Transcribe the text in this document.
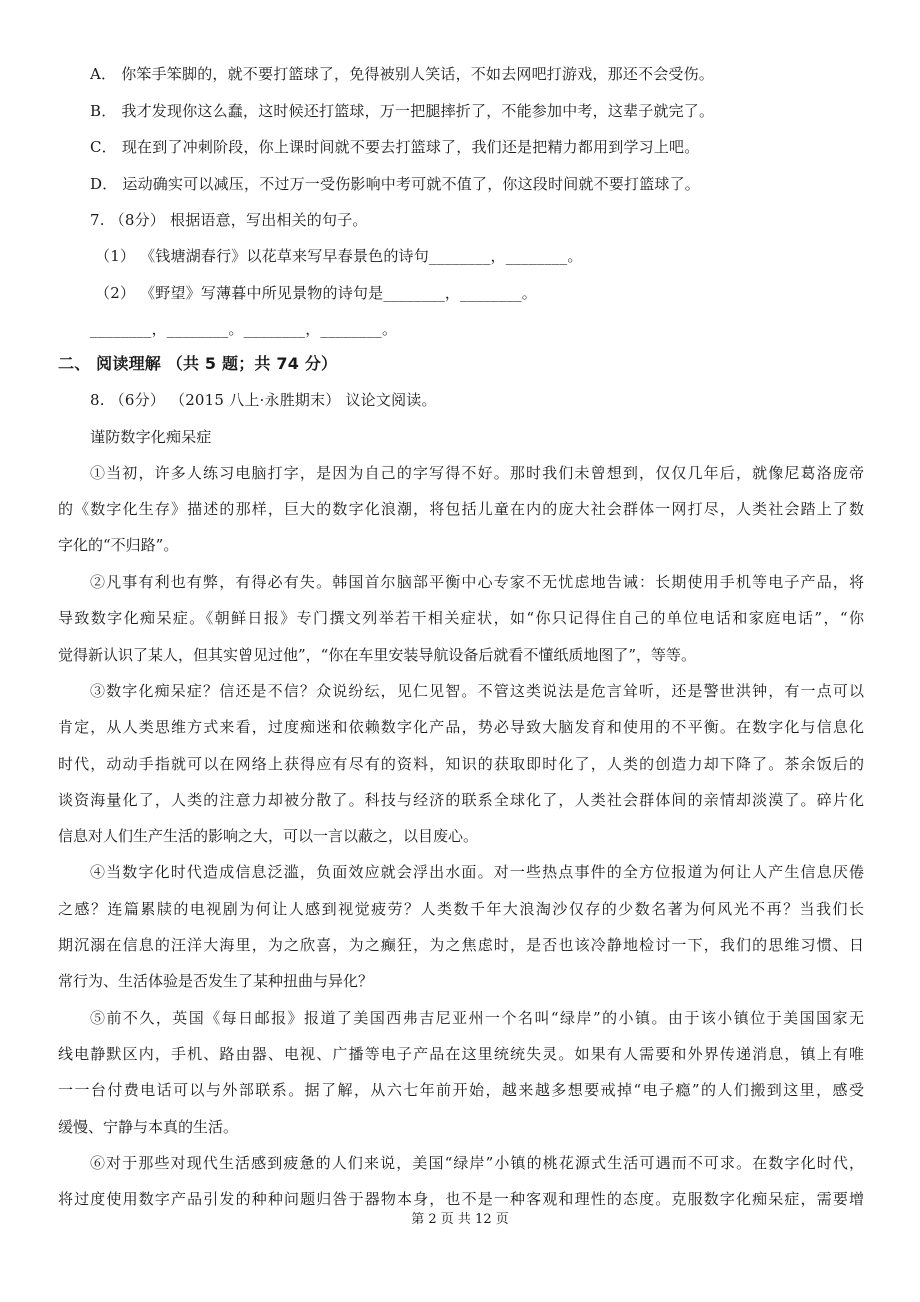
A． 你笨手笨脚的，就不要打篮球了，免得被别人笑话，不如去网吧打游戏，那还不会受伤。
B． 我才发现你这么蠢，这时候还打篮球，万一把腿摔折了，不能参加中考，这辈子就完了。
C． 现在到了冲刺阶段，你上课时间就不要去打篮球了，我们还是把精力都用到学习上吧。
D． 运动确实可以减压，不过万一受伤影响中考可就不值了，你这段时间就不要打篮球了。
7. （8分） 根据语意，写出相关的句子。
（1） 《钱塘湖春行》以花草来写早春景色的诗句________，________。
（2） 《野望》写薄暮中所见景物的诗句是________，________。
________，________。________，________。
二、 阅读理解 （共 5 题；共 74 分）
8. （6分） （2015 八上·永胜期末） 议论文阅读。
谨防数字化痴呆症
①当初，许多人练习电脑打字，是因为自己的字写得不好。那时我们未曾想到，仅仅几年后，就像尼葛洛庞帝
的《数字化生存》描述的那样，巨大的数字化浪潮，将包括儿童在内的庞大社会群体一网打尽，人类社会踏上了数
字化的“不归路”。
②凡事有利也有弊，有得必有失。韩国首尔脑部平衡中心专家不无忧虑地告诫：长期使用手机等电子产品，将
导致数字化痴呆症。《朝鲜日报》专门撰文列举若干相关症状，如“你只记得住自己的单位电话和家庭电话”，“你
觉得新认识了某人，但其实曾见过他”，“你在车里安装导航设备后就看不懂纸质地图了”，等等。
③数字化痴呆症？信还是不信？众说纷纭，见仁见智。不管这类说法是危言耸听，还是警世洪钟，有一点可以
肯定，从人类思维方式来看，过度痴迷和依赖数字化产品，势必导致大脑发育和使用的不平衡。在数字化与信息化
时代，动动手指就可以在网络上获得应有尽有的资料，知识的获取即时化了，人类的创造力却下降了。茶余饭后的
谈资海量化了，人类的注意力却被分散了。科技与经济的联系全球化了，人类社会群体间的亲情却淡漠了。碎片化
信息对人们生产生活的影响之大，可以一言以蔽之，以目废心。
④当数字化时代造成信息泛滥，负面效应就会浮出水面。对一些热点事件的全方位报道为何让人产生信息厌倦
之感？连篇累牍的电视剧为何让人感到视觉疲劳？人类数千年大浪淘沙仅存的少数名著为何风光不再？当我们长
期沉溺在信息的汪洋大海里，为之欣喜，为之癫狂，为之焦虑时，是否也该冷静地检讨一下，我们的思维习惯、日
常行为、生活体验是否发生了某种扭曲与异化？
⑤前不久，英国《每日邮报》报道了美国西弗吉尼亚州一个名叫“绿岸”的小镇。由于该小镇位于美国国家无
线电静默区内，手机、路由器、电视、广播等电子产品在这里统统失灵。如果有人需要和外界传递消息，镇上有唯
一一台付费电话可以与外部联系。据了解，从六七年前开始，越来越多想要戒掉“电子瘾”的人们搬到这里，感受
缓慢、宁静与本真的生活。
⑥对于那些对现代生活感到疲惫的人们来说，美国“绿岸”小镇的桃花源式生活可遇而不可求。在数字化时代，
将过度使用数字产品引发的种种问题归咎于器物本身，也不是一种客观和理性的态度。克服数字化痴呆症，需要增
第 2 页 共 12 页
